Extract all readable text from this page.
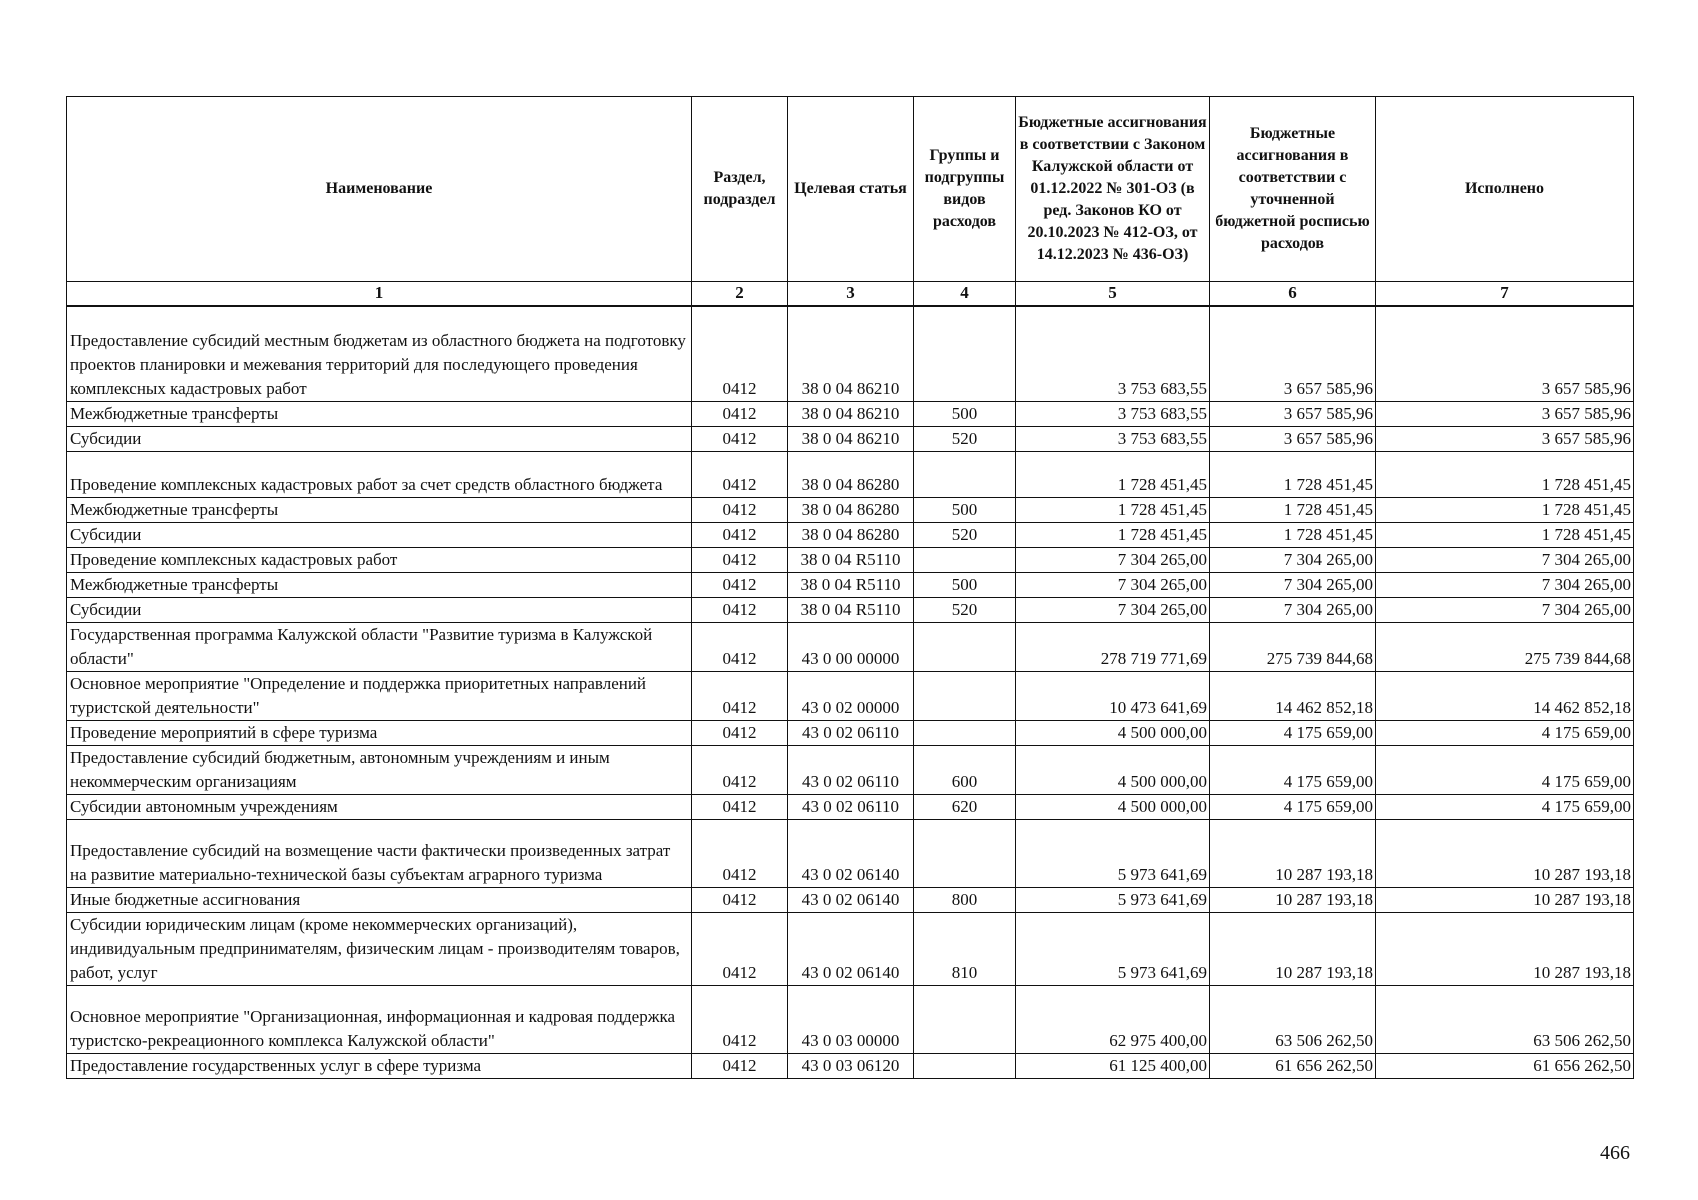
Наименование	Раздел, подраздел	Целевая статья	Группы и подгруппы видов расходов	Бюджетные ассигнования в соответствии с Законом Калужской области от 01.12.2022 № 301-ОЗ (в ред. Законов КО от 20.10.2023 № 412-ОЗ, от 14.12.2023 № 436-ОЗ)	Бюджетные ассигнования в соответствии с уточненной бюджетной росписью расходов	Исполнено
1	2	3	4	5	6	7
Предоставление субсидий местным бюджетам из областного бюджета на подготовку проектов планировки и межевания территорий для последующего проведения комплексных кадастровых работ	0412	38 0 04 86210		3 753 683,55	3 657 585,96	3 657 585,96
Межбюджетные трансферты	0412	38 0 04 86210	500	3 753 683,55	3 657 585,96	3 657 585,96
Субсидии	0412	38 0 04 86210	520	3 753 683,55	3 657 585,96	3 657 585,96
Проведение комплексных кадастровых работ за счет средств областного бюджета	0412	38 0 04 86280		1 728 451,45	1 728 451,45	1 728 451,45
Межбюджетные трансферты	0412	38 0 04 86280	500	1 728 451,45	1 728 451,45	1 728 451,45
Субсидии	0412	38 0 04 86280	520	1 728 451,45	1 728 451,45	1 728 451,45
Проведение комплексных кадастровых работ	0412	38 0 04 R5110		7 304 265,00	7 304 265,00	7 304 265,00
Межбюджетные трансферты	0412	38 0 04 R5110	500	7 304 265,00	7 304 265,00	7 304 265,00
Субсидии	0412	38 0 04 R5110	520	7 304 265,00	7 304 265,00	7 304 265,00
Государственная программа Калужской области "Развитие туризма в Калужской области"	0412	43 0 00 00000		278 719 771,69	275 739 844,68	275 739 844,68
Основное мероприятие "Определение и поддержка приоритетных направлений туристской деятельности"	0412	43 0 02 00000		10 473 641,69	14 462 852,18	14 462 852,18
Проведение мероприятий в сфере туризма	0412	43 0 02 06110		4 500 000,00	4 175 659,00	4 175 659,00
Предоставление субсидий бюджетным, автономным учреждениям и иным некоммерческим организациям	0412	43 0 02 06110	600	4 500 000,00	4 175 659,00	4 175 659,00
Субсидии автономным учреждениям	0412	43 0 02 06110	620	4 500 000,00	4 175 659,00	4 175 659,00
Предоставление субсидий на возмещение части фактически произведенных затрат на развитие материально-технической базы субъектам аграрного туризма	0412	43 0 02 06140		5 973 641,69	10 287 193,18	10 287 193,18
Иные бюджетные ассигнования	0412	43 0 02 06140	800	5 973 641,69	10 287 193,18	10 287 193,18
Субсидии юридическим лицам (кроме некоммерческих организаций), индивидуальным предпринимателям, физическим лицам - производителям товаров, работ, услуг	0412	43 0 02 06140	810	5 973 641,69	10 287 193,18	10 287 193,18
Основное мероприятие "Организационная, информационная и кадровая поддержка туристско-рекреационного комплекса Калужской области"	0412	43 0 03 00000		62 975 400,00	63 506 262,50	63 506 262,50
Предоставление государственных услуг в сфере туризма	0412	43 0 03 06120		61 125 400,00	61 656 262,50	61 656 262,50
466
